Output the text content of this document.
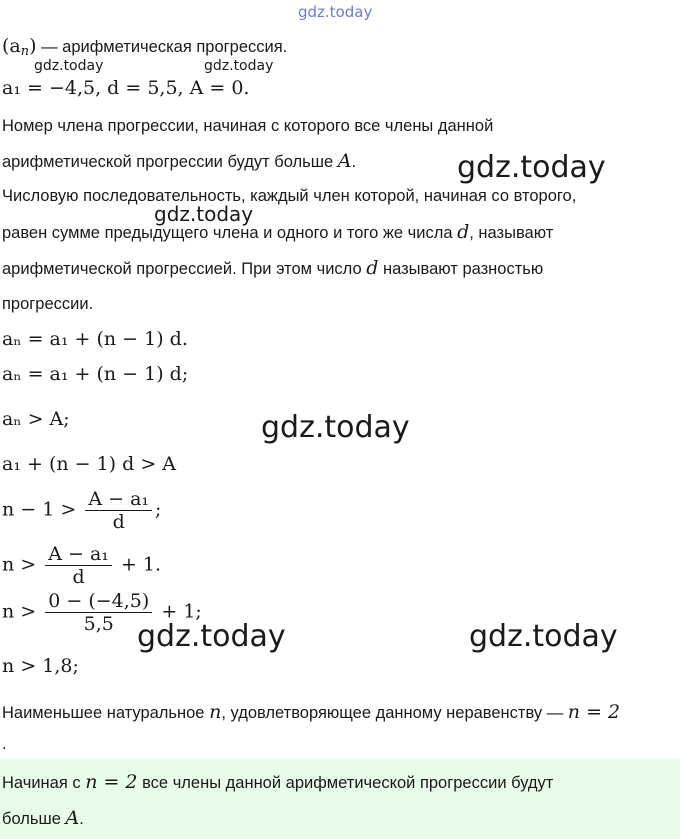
gdz.today
gdz.today	gdz.today
gdz.today
gdz.today
gdz.today
gdz.today	gdz.today
$(a_n)$ — арифметическая прогрессия.
a₁ = −4,5, d = 5,5, A = 0.
Номер члена прогрессии, начиная с которого все члены данной
арифметической прогрессии будут больше A.
Числовую последовательность, каждый член которой, начиная со второго,
равен сумме предыдущего члена и одного и того же числа d, называют
арифметической прогрессией. При этом число d называют разностью
прогрессии.
aₙ = a₁ + (n − 1) d.
aₙ = a₁ + (n − 1) d;
aₙ > A;
a₁ + (n − 1) d > A
$n - 1 > \frac{\text{A − a₁}}{d}$ ;
$n > \frac{\text{A − a₁}}{d} + 1$.
$n > \frac{0 - (-4,5)}{5,5} + 1$;
n > 1,8;
Наименьшее натуральное n, удовлетворяющее данному неравенству — n = 2
.
Начиная с n = 2 все члены данной арифметической прогрессии будут
больше A.
